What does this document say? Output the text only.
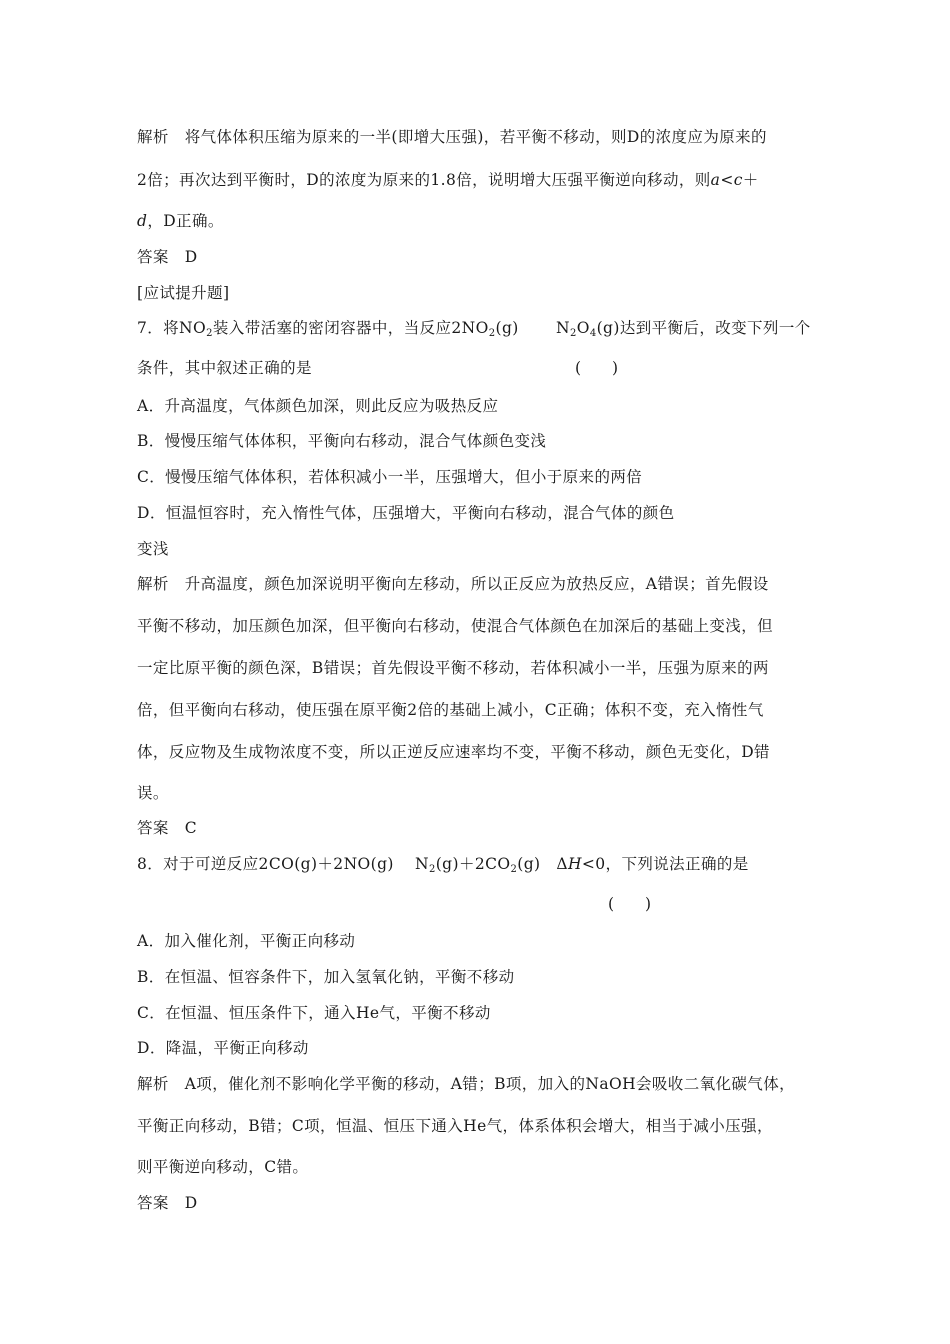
解析　将气体体积压缩为原来的一半(即增大压强)，若平衡不移动，则D的浓度应为原来的
2倍；再次达到平衡时，D的浓度为原来的1.8倍，说明增大压强平衡逆向移动，则a<c＋
d，D正确。
答案　D
[应试提升题]
7．将$NO_2$装入带活塞的密闭容器中，当反应$2NO_2(g)$ $N_2O_4(g)$达到平衡后，改变下列一个
条件，其中叙述正确的是	(　　)
A．升高温度，气体颜色加深，则此反应为吸热反应
B．慢慢压缩气体体积，平衡向右移动，混合气体颜色变浅
C．慢慢压缩气体体积，若体积减小一半，压强增大，但小于原来的两倍
D．恒温恒容时，充入惰性气体，压强增大，平衡向右移动，混合气体的颜色
变浅
解析　升高温度，颜色加深说明平衡向左移动，所以正反应为放热反应，A错误；首先假设
平衡不移动，加压颜色加深，但平衡向右移动，使混合气体颜色在加深后的基础上变浅，但
一定比原平衡的颜色深，B错误；首先假设平衡不移动，若体积减小一半，压强为原来的两
倍，但平衡向右移动，使压强在原平衡2倍的基础上减小，C正确；体积不变，充入惰性气
体，反应物及生成物浓度不变，所以正逆反应速率均不变，平衡不移动，颜色无变化，D错
误。
答案　C
8．对于可逆反应2CO(g)＋2NO(g) $N_2(g)+2CO_2(g)$　ΔH<0，下列说法正确的是
(　　)
A．加入催化剂，平衡正向移动
B．在恒温、恒容条件下，加入氢氧化钠，平衡不移动
C．在恒温、恒压条件下，通入He气，平衡不移动
D．降温，平衡正向移动
解析　A项，催化剂不影响化学平衡的移动，A错；B项，加入的NaOH会吸收二氧化碳气体，
平衡正向移动，B错；C项，恒温、恒压下通入He气，体系体积会增大，相当于减小压强，
则平衡逆向移动，C错。
答案　D
